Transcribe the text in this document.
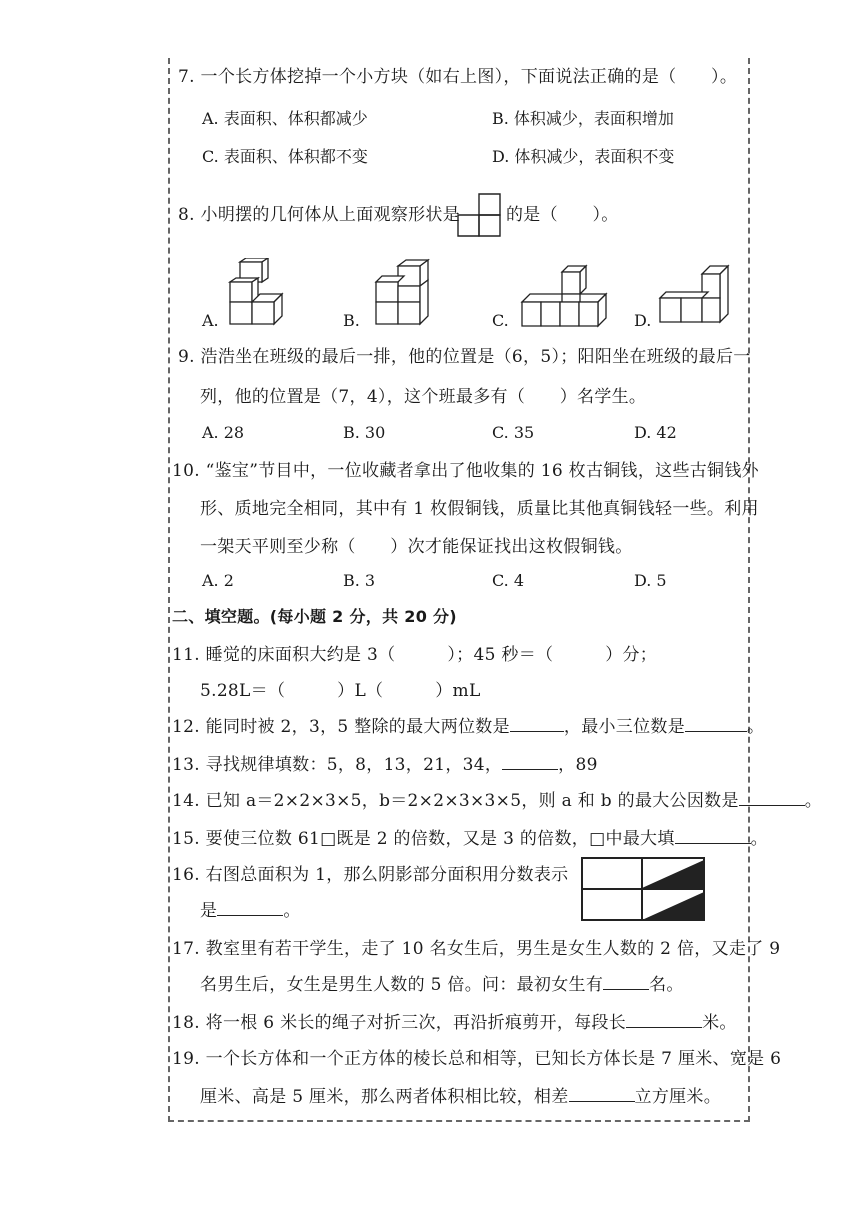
7. 一个长方体挖掉一个小方块（如右上图），下面说法正确的是（　　）。
A. 表面积、体积都减少	B. 体积减少，表面积增加
C. 表面积、体积都不变	D. 体积减少，表面积不变
8. 小明摆的几何体从上面观察形状是	的是（　　）。
A.	B.	C.	D.
9. 浩浩坐在班级的最后一排，他的位置是（6，5）；阳阳坐在班级的最后一
列，他的位置是（7，4），这个班最多有（　　）名学生。
A. 28	B. 30	C. 35	D. 42
10. “鉴宝”节目中，一位收藏者拿出了他收集的 16 枚古铜钱，这些古铜钱外
形、质地完全相同，其中有 1 枚假铜钱，质量比其他真铜钱轻一些。利用
一架天平则至少称（　　）次才能保证找出这枚假铜钱。
A. 2	B. 3	C. 4	D. 5
二、填空题。(每小题 2 分，共 20 分)
11. 睡觉的床面积大约是 3（　　　）；45 秒＝（　　　）分；
5.28L＝（　　　）L（　　　）mL
12. 能同时被 2，3，5 整除的最大两位数是	，最小三位数是	。
13. 寻找规律填数：5，8，13，21，34，	，89
14. 已知 a＝2×2×3×5，b＝2×2×3×3×5，则 a 和 b 的最大公因数是	。
15. 要使三位数 61□既是 2 的倍数，又是 3 的倍数，□中最大填	。
16. 右图总面积为 1，那么阴影部分面积用分数表示
是	。
17. 教室里有若干学生，走了 10 名女生后，男生是女生人数的 2 倍，又走了 9
名男生后，女生是男生人数的 5 倍。问：最初女生有	名。
18. 将一根 6 米长的绳子对折三次，再沿折痕剪开，每段长	米。
19. 一个长方体和一个正方体的棱长总和相等，已知长方体长是 7 厘米、宽是 6
厘米、高是 5 厘米，那么两者体积相比较，相差	立方厘米。
